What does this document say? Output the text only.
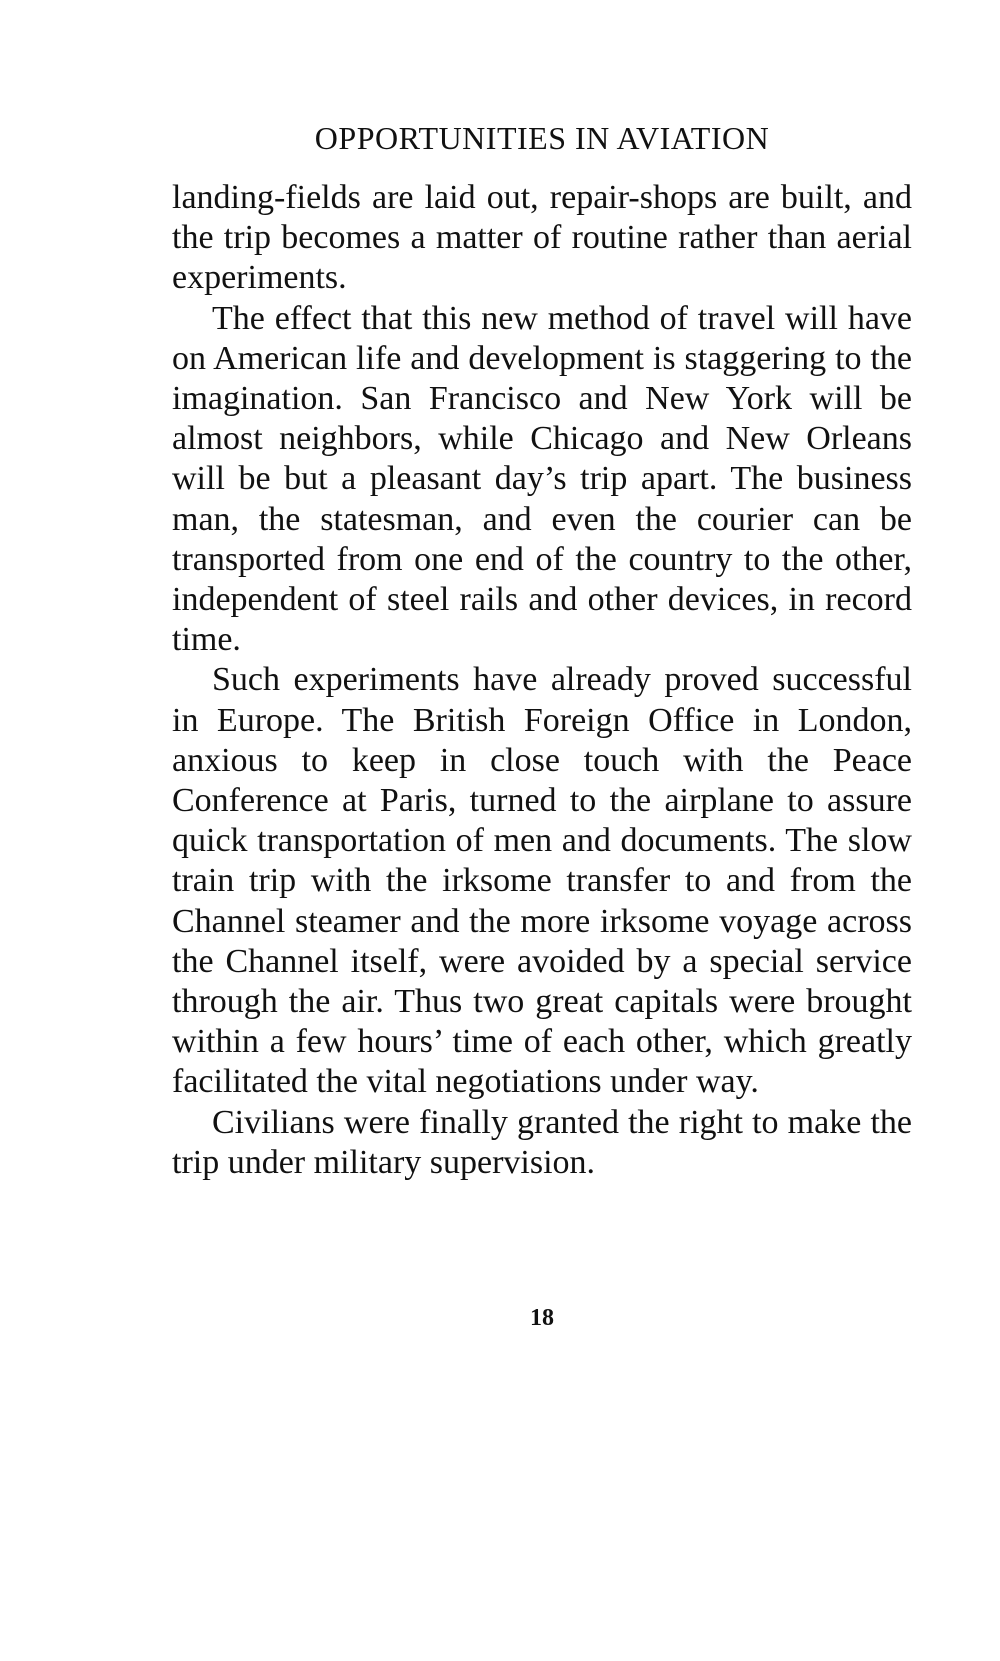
OPPORTUNITIES IN AVIATION

landing-fields are laid out, repair-shops are built, and the trip becomes a matter of routine rather than aerial experiments.

The effect that this new method of travel will have on American life and development is staggering to the imagination. San Francisco and New York will be almost neighbors, while Chicago and New Orleans will be but a pleasant day’s trip apart. The business man, the statesman, and even the courier can be transported from one end of the country to the other, independent of steel rails and other devices, in record time.

Such experiments have already proved successful in Europe. The British Foreign Office in London, anxious to keep in close touch with the Peace Conference at Paris, turned to the airplane to assure quick transportation of men and documents. The slow train trip with the irksome transfer to and from the Channel steamer and the more irksome voyage across the Channel itself, were avoided by a special service through the air. Thus two great capitals were brought within a few hours’ time of each other, which greatly facilitated the vital negotiations under way.

Civilians were finally granted the right to make the trip under military supervision.

18
